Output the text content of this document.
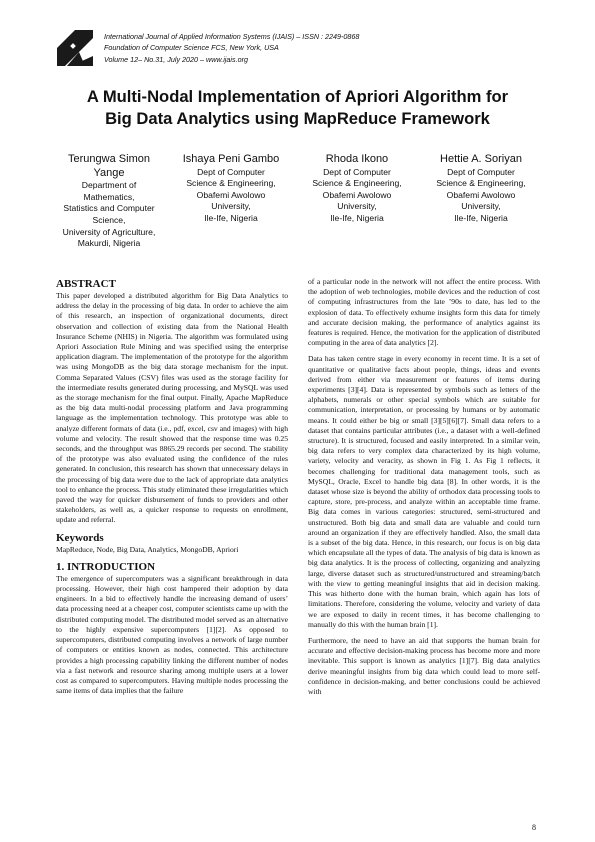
International Journal of Applied Information Systems (IJAIS) – ISSN : 2249-0868
Foundation of Computer Science FCS, New York, USA
Volume 12– No.31, July 2020 – www.ijais.org
A Multi-Nodal Implementation of Apriori Algorithm for
Big Data Analytics using MapReduce Framework
Terungwa Simon
Yange
Department of
Mathematics,
Statistics and Computer
Science,
University of Agriculture,
Makurdi, Nigeria
Ishaya Peni Gambo
Dept of Computer
Science & Engineering,
Obafemi Awolowo
University,
Ile-Ife, Nigeria
Rhoda Ikono
Dept of Computer
Science & Engineering,
Obafemi Awolowo
University,
Ile-Ife, Nigeria
Hettie A. Soriyan
Dept of Computer
Science & Engineering,
Obafemi Awolowo
University,
Ile-Ife, Nigeria
ABSTRACT

This paper developed a distributed algorithm for Big Data Analytics to address the delay in the processing of big data. In order to achieve the aim of this research, an inspection of organizational documents, direct observation and collection of existing data from the National Health Insurance Scheme (NHIS) in Nigeria. The algorithm was formulated using Apriori Association Rule Mining and was specified using the enterprise application diagram. The implementation of the prototype for the algorithm was using MongoDB as the big data storage mechanism for the input. Comma Separated Values (CSV) files was used as the storage facility for the intermediate results generated during processing, and MySQL was used as the storage mechanism for the final output. Finally, Apache MapReduce as the big data multi-nodal processing platform and Java programming language as the implementation technology. This prototype was able to analyze different formats of data (i.e., pdf, excel, csv and images) with high volume and velocity. The result showed that the response time was 0.25 seconds, and the throughput was 8865.29 records per second. The stability of the prototype was also evaluated using the confidence of the rules generated. In conclusion, this research has shown that unnecessary delays in the processing of big data were due to the lack of appropriate data analytics tool to enhance the process. This study eliminated these irregularities which paved the way for quicker disbursement of funds to providers and other stakeholders, as well as, a quicker response to requests on enrollment, update and referral.

Keywords

MapReduce, Node, Big Data, Analytics, MongoDB, Apriori

1. INTRODUCTION

The emergence of supercomputers was a significant breakthrough in data processing. However, their high cost hampered their adoption by data engineers. In a bid to effectively handle the increasing demand of users’ data processing need at a cheaper cost, computer scientists came up with the distributed computing model. The distributed model served as an alternative to the highly expensive supercomputers [1][2]. As opposed to supercomputers, distributed computing involves a network of large number of computers or entities known as nodes, connected. This architecture provides a high processing capability linking the different number of nodes via a fast network and resource sharing among multiple users at a lower cost as compared to supercomputers. Having multiple nodes processing the same items of data implies that the failure

of a particular node in the network will not affect the entire process. With the adoption of web technologies, mobile devices and the reduction of cost of computing infrastructures from the late ’90s to date, has led to the explosion of data. To effectively exhume insights form this data for timely and accurate decision making, the performance of analytics against its features is required. Hence, the motivation for the application of distributed computing in the area of data analytics [2].

Data has taken centre stage in every economy in recent time. It is a set of quantitative or qualitative facts about people, things, ideas and events derived from either via measurement or features of items during experiments [3][4]. Data is represented by symbols such as letters of the alphabets, numerals or other special symbols which are suitable for communication, interpretation, or processing by humans or by automatic means. It could either be big or small [3][5][6][7]. Small data refers to a dataset that contains particular attributes (i.e., a dataset with a well-defined structure). It is structured, focused and easily interpreted. In a similar vein, big data refers to very complex data characterized by its high volume, variety, velocity and veracity, as shown in Fig 1. As Fig 1 reflects, it becomes challenging for traditional data management tools, such as MySQL, Oracle, Excel to handle big data [8]. In other words, it is the dataset whose size is beyond the ability of orthodox data processing tools to capture, store, pre-process, and analyze within an acceptable time frame. Big data comes in various categories: structured, semi-structured and unstructured. Both big data and small data are valuable and could turn around an organization if they are effectively handled. Also, the small data is a subset of the big data. Hence, in this research, our focus is on big data which encapsulate all the types of data. The analysis of big data is known as big data analytics. It is the process of collecting, organizing and analyzing large, diverse dataset such as structured/unstructured and streaming/batch with the view to getting meaningful insights that aid in decision making. This was hitherto done with the human brain, which again has lots of limitations. Therefore, considering the volume, velocity and variety of data we are exposed to daily in recent times, it has become challenging to manually do this with the human brain [1].

Furthermore, the need to have an aid that supports the human brain for accurate and effective decision-making process has become more and more inevitable. This support is known as analytics [1][7]. Big data analytics derive meaningful insights from big data which could lead to more self-confidence in decision-making, and better conclusions could be achieved with

8
